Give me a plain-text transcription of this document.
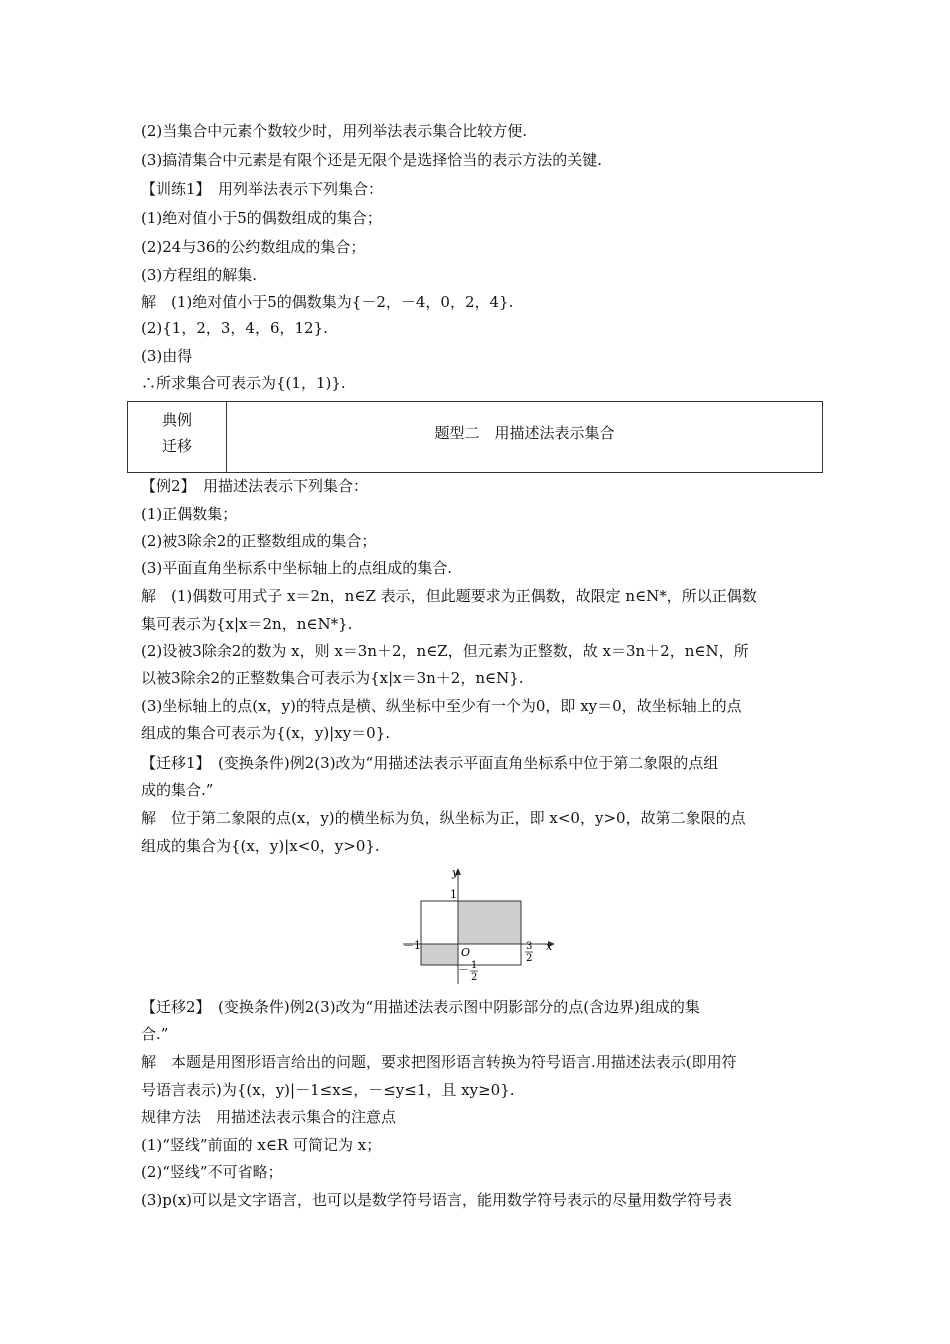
(2)当集合中元素个数较少时，用列举法表示集合比较方便.
(3)搞清集合中元素是有限个还是无限个是选择恰当的表示方法的关键.
【训练1】　用列举法表示下列集合：
(1)绝对值小于5的偶数组成的集合；
(2)24与36的公约数组成的集合；
(3)方程组的解集.
解　(1)绝对值小于5的偶数集为{－2，－4，0，2，4}.
(2){1，2，3，4，6，12}.
(3)由得
∴所求集合可表示为{(1，1)}.
典例
迁移
题型二　用描述法表示集合
【例2】　用描述法表示下列集合：
(1)正偶数集；
(2)被3除余2的正整数组成的集合；
(3)平面直角坐标系中坐标轴上的点组成的集合.
解　(1)偶数可用式子 x＝2n，n∈Z 表示，但此题要求为正偶数，故限定 n∈N*，所以正偶数
集可表示为{x|x＝2n，n∈N*}.
(2)设被3除余2的数为 x，则 x＝3n＋2，n∈Z，但元素为正整数，故 x＝3n＋2，n∈N，所
以被3除余2的正整数集合可表示为{x|x＝3n＋2，n∈N}.
(3)坐标轴上的点(x，y)的特点是横、纵坐标中至少有一个为0，即 xy＝0，故坐标轴上的点
组成的集合可表示为{(x，y)|xy＝0}.
【迁移1】　(变换条件)例2(3)改为“用描述法表示平面直角坐标系中位于第二象限的点组
成的集合.”
解　位于第二象限的点(x，y)的横坐标为负，纵坐标为正，即 x<0，y>0，故第二象限的点
组成的集合为{(x，y)|x<0，y>0}.
y
x
O
1
－1	3
2
－ 1
2
【迁移2】　(变换条件)例2(3)改为“用描述法表示图中阴影部分的点(含边界)组成的集
合.”
解　本题是用图形语言给出的问题，要求把图形语言转换为符号语言.用描述法表示(即用符
号语言表示)为{(x，y)|－1≤x≤，－≤y≤1，且 xy≥0}.
规律方法　用描述法表示集合的注意点
(1)“竖线”前面的 x∈R 可简记为 x；
(2)“竖线”不可省略；
(3)p(x)可以是文字语言，也可以是数学符号语言，能用数学符号表示的尽量用数学符号表
